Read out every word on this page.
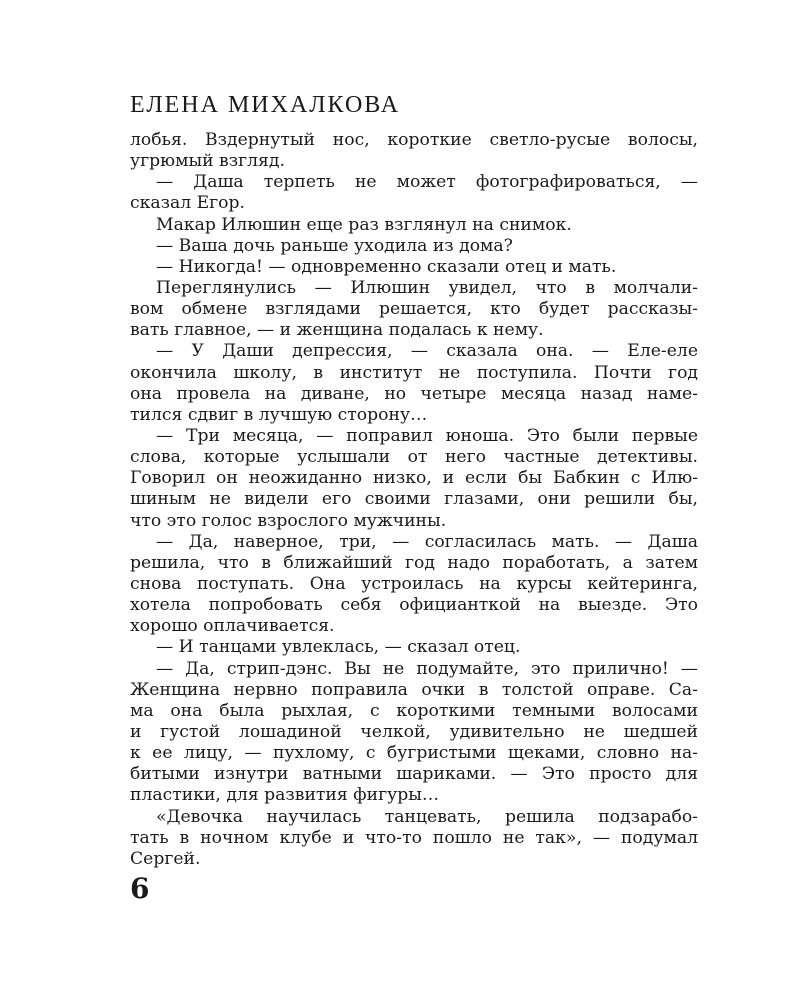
ЕЛЕНА МИХАЛКОВА
лобья. Вздернутый нос, короткие светло-русые волосы,
угрюмый взгляд.
— Даша терпеть не может фотографироваться, —
сказал Егор.
Макар Илюшин еще раз взглянул на снимок.
— Ваша дочь раньше уходила из дома?
— Никогда! — одновременно сказали отец и мать.
Переглянулись — Илюшин увидел, что в молчали-
вом обмене взглядами решается, кто будет рассказы-
вать главное, — и женщина подалась к нему.
— У Даши депрессия, — сказала она. — Еле-еле
окончила школу, в институт не поступила. Почти год
она провела на диване, но четыре месяца назад наме-
тился сдвиг в лучшую сторону…
— Три месяца, — поправил юноша. Это были первые
слова, которые услышали от него частные детективы.
Говорил он неожиданно низко, и если бы Бабкин с Илю-
шиным не видели его своими глазами, они решили бы,
что это голос взрослого мужчины.
— Да, наверное, три, — согласилась мать. — Даша
решила, что в ближайший год надо поработать, а затем
снова поступать. Она устроилась на курсы кейтеринга,
хотела попробовать себя официанткой на выезде. Это
хорошо оплачивается.
— И танцами увлеклась, — сказал отец.
— Да, стрип-дэнс. Вы не подумайте, это прилично! —
Женщина нервно поправила очки в толстой оправе. Са-
ма она была рыхлая, с короткими темными волосами
и густой лошадиной челкой, удивительно не шедшей
к ее лицу, — пухлому, с бугристыми щеками, словно на-
битыми изнутри ватными шариками. — Это просто для
пластики, для развития фигуры…
«Девочка научилась танцевать, решила подзарабо-
тать в ночном клубе и что-то пошло не так», — подумал
Сергей.
6
